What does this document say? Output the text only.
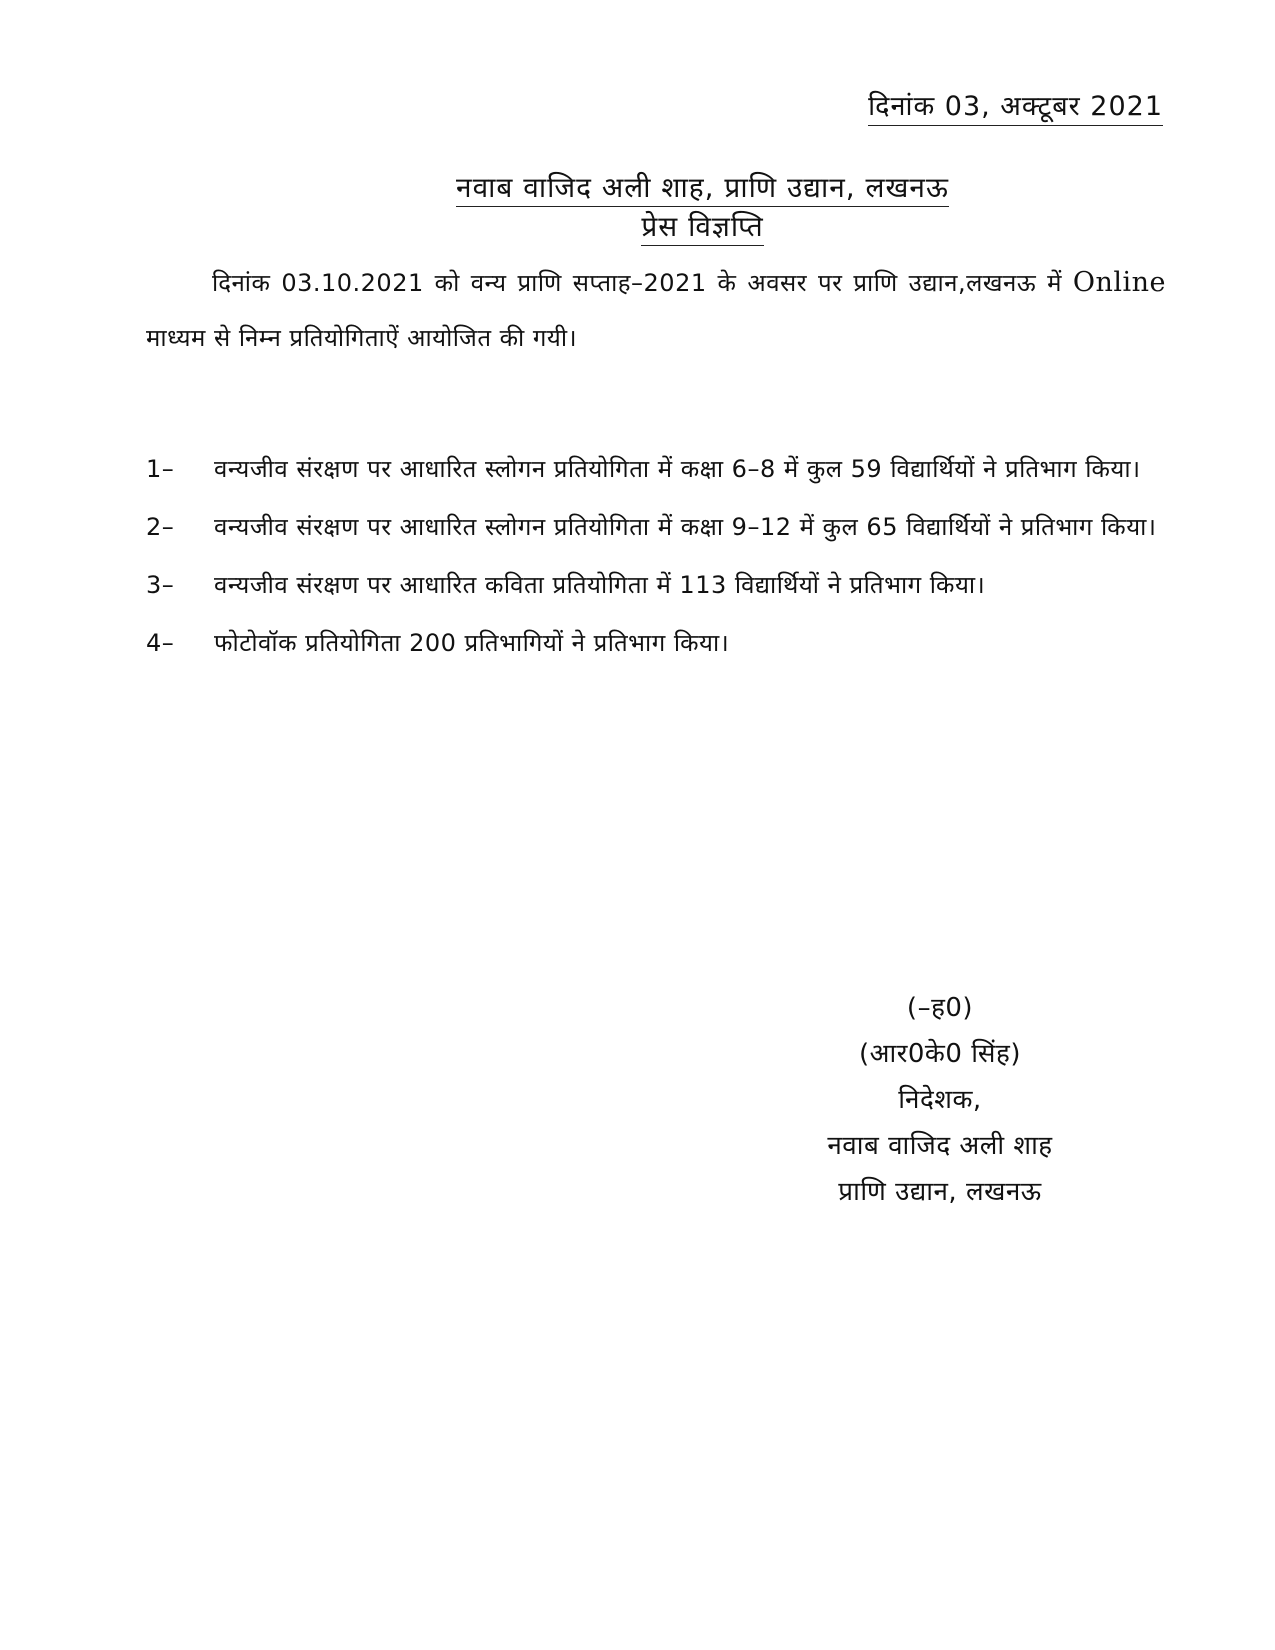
दिनांक 03, अक्टूबर 2021
नवाब वाजिद अली शाह, प्राणि उद्यान, लखनऊ
प्रेस विज्ञप्ति
दिनांक 03.10.2021 को वन्य प्राणि सप्ताह–2021 के अवसर पर प्राणि उद्यान,लखनऊ में Online माध्यम से निम्न प्रतियोगिताऐं आयोजित की गयी।
1–	वन्यजीव संरक्षण पर आधारित स्लोगन प्रतियोगिता में कक्षा 6–8 में कुल 59 विद्यार्थियों ने प्रतिभाग किया।
2–	वन्यजीव संरक्षण पर आधारित स्लोगन प्रतियोगिता में कक्षा 9–12 में कुल 65 विद्यार्थियों ने प्रतिभाग किया।
3–	वन्यजीव संरक्षण पर आधारित कविता प्रतियोगिता में 113 विद्यार्थियों ने प्रतिभाग किया।
4–	फोटोवॉक प्रतियोगिता 200 प्रतिभागियों ने प्रतिभाग किया।
(–ह0)
(आर0के0 सिंह)
निदेशक,
नवाब वाजिद अली शाह
प्राणि उद्यान, लखनऊ
